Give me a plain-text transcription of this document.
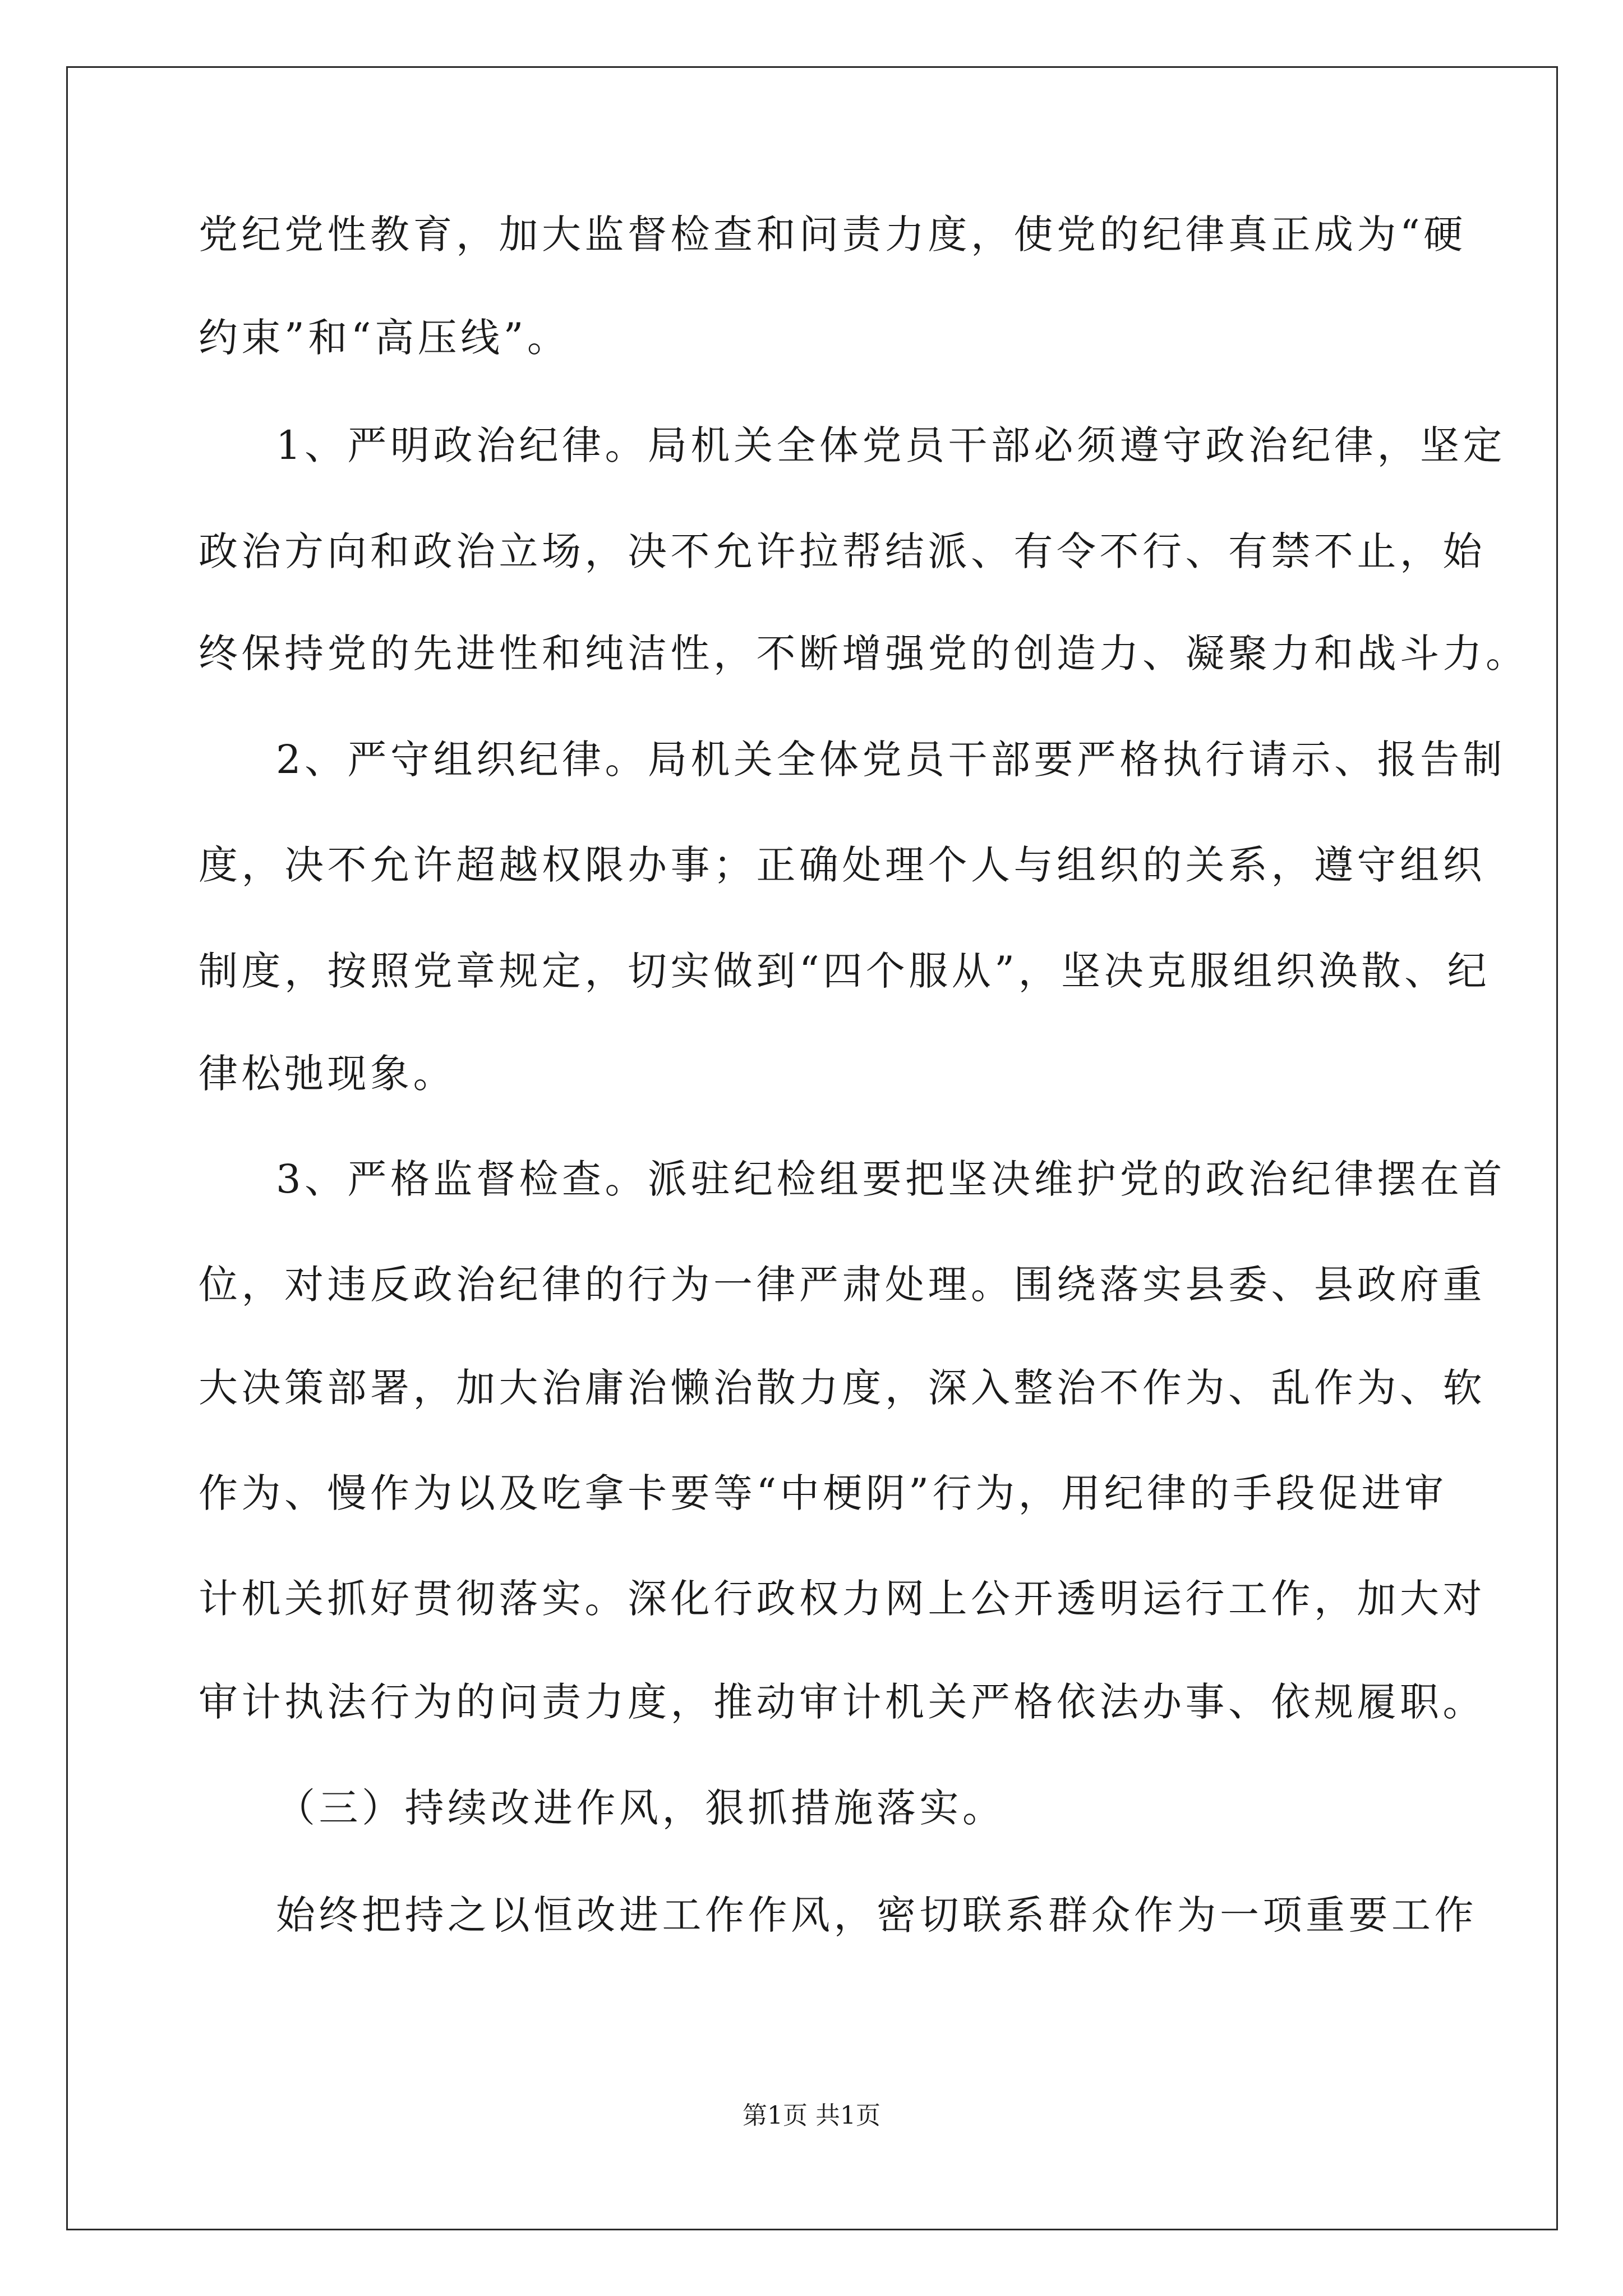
党纪党性教育，加大监督检查和问责力度，使党的纪律真正成为“硬
约束”和“高压线”。
1、严明政治纪律。局机关全体党员干部必须遵守政治纪律，坚定
政治方向和政治立场，决不允许拉帮结派、有令不行、有禁不止，始
终保持党的先进性和纯洁性，不断增强党的创造力、凝聚力和战斗力。
2、严守组织纪律。局机关全体党员干部要严格执行请示、报告制
度，决不允许超越权限办事；正确处理个人与组织的关系，遵守组织
制度，按照党章规定，切实做到“四个服从”，坚决克服组织涣散、纪
律松弛现象。
3、严格监督检查。派驻纪检组要把坚决维护党的政治纪律摆在首
位，对违反政治纪律的行为一律严肃处理。围绕落实县委、县政府重
大决策部署，加大治庸治懒治散力度，深入整治不作为、乱作为、软
作为、慢作为以及吃拿卡要等“中梗阴”行为，用纪律的手段促进审
计机关抓好贯彻落实。深化行政权力网上公开透明运行工作，加大对
审计执法行为的问责力度，推动审计机关严格依法办事、依规履职。
（三）持续改进作风，狠抓措施落实。
始终把持之以恒改进工作作风，密切联系群众作为一项重要工作
第1页 共1页
